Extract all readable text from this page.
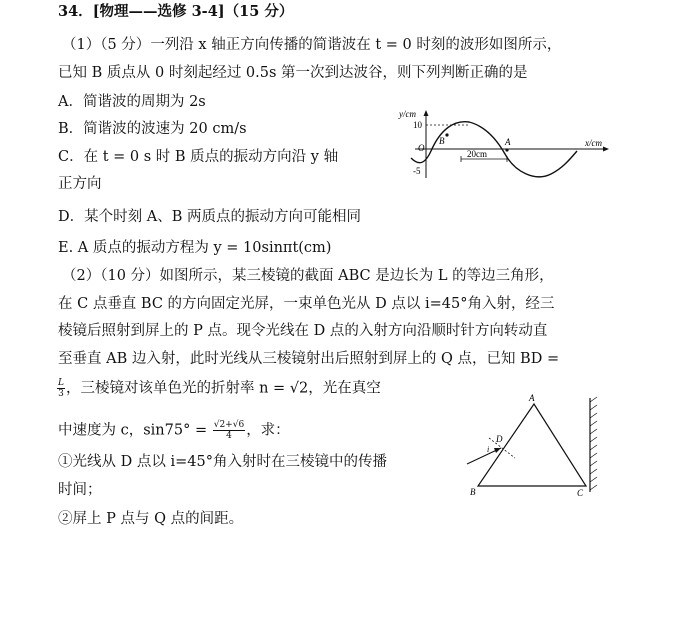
34．[物理——选修 3-4]（15 分）
（1）（5 分）一列沿 x 轴正方向传播的简谐波在 t = 0 时刻的波形如图所示，
已知 B 质点从 0 时刻起经过 0.5s 第一次到达波谷，则下列判断正确的是
A．简谐波的周期为 2s
B．简谐波的波速为 20 cm/s
C．在 t = 0 s 时 B 质点的振动方向沿 y 轴
正方向
D．某个时刻 A、B 两质点的振动方向可能相同
E. A 质点的振动方程为 y = 10sinπt(cm)
y/cm
10
-5
O
B	A
20cm
x/cm
（2）（10 分）如图所示，某三棱镜的截面 ABC 是边长为 L 的等边三角形，
在 C 点垂直 BC 的方向固定光屏，一束单色光从 D 点以 i=45°角入射，经三
棱镜后照射到屏上的 P 点。现令光线在 D 点的入射方向沿顺时针方向转动直
至垂直 AB 边入射，此时光线从三棱镜射出后照射到屏上的 Q 点，已知 BD =
$\frac{L}{3}$ ，三棱镜对该单色光的折射率 n = √2，光在真空
中速度为 c，$\sin 75^\circ = \frac{√2+√6}{4}$ ，求：
①光线从 D 点以 i=45°角入射时在三棱镜中的传播
时间；
②屏上 P 点与 Q 点的间距。
A
B	C
D
i
